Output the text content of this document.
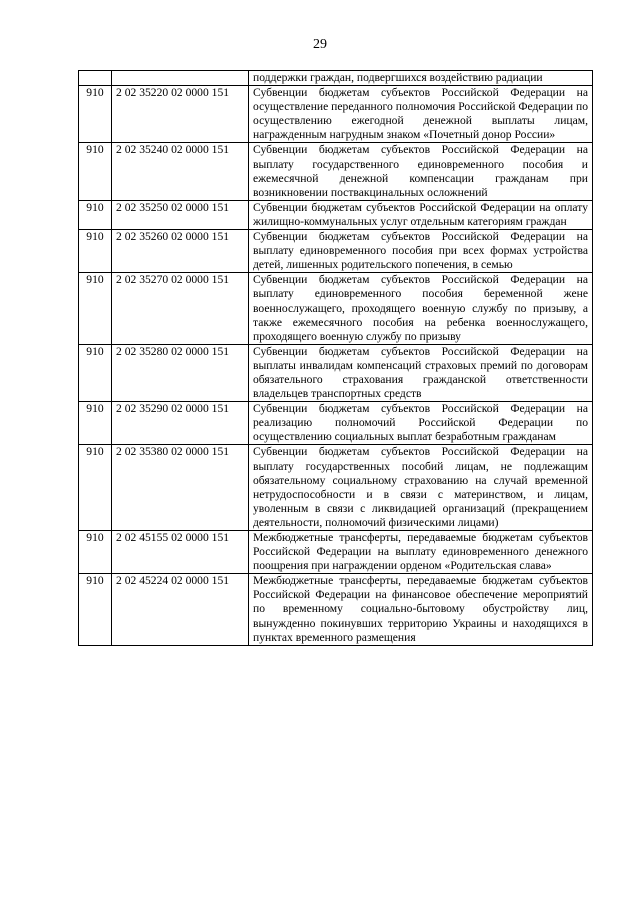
29
		поддержки граждан, подвергшихся воздействию радиации
910	2 02 35220 02 0000 151	Субвенции бюджетам субъектов Российской Федерации на осуществление переданного полномочия Российской Федерации по осуществлению ежегодной денежной выплаты лицам, награжденным нагрудным знаком «Почетный донор России»
910	2 02 35240 02 0000 151	Субвенции бюджетам субъектов Российской Федерации на выплату государственного единовременного пособия и ежемесячной денежной компенсации гражданам при возникновении поствакцинальных осложнений
910	2 02 35250 02 0000 151	Субвенции бюджетам субъектов Российской Федерации на оплату жилищно-коммунальных услуг отдельным категориям граждан
910	2 02 35260 02 0000 151	Субвенции бюджетам субъектов Российской Федерации на выплату единовременного пособия при всех формах устройства детей, лишенных родительского попечения, в семью
910	2 02 35270 02 0000 151	Субвенции бюджетам субъектов Российской Федерации на выплату единовременного пособия беременной жене военнослужащего, проходящего военную службу по призыву, а также ежемесячного пособия на ребенка военнослужащего, проходящего военную службу по призыву
910	2 02 35280 02 0000 151	Субвенции бюджетам субъектов Российской Федерации на выплаты инвалидам компенсаций страховых премий по договорам обязательного страхования гражданской ответственности владельцев транспортных средств
910	2 02 35290 02 0000 151	Субвенции бюджетам субъектов Российской Федерации на реализацию полномочий Российской Федерации по осуществлению социальных выплат безработным гражданам
910	2 02 35380 02 0000 151	Субвенции бюджетам субъектов Российской Федерации на выплату государственных пособий лицам, не подлежащим обязательному социальному страхованию на случай временной нетрудоспособности и в связи с материнством, и лицам, уволенным в связи с ликвидацией организаций (прекращением деятельности, полномочий физическими лицами)
910	2 02 45155 02 0000 151	Межбюджетные трансферты, передаваемые бюджетам субъектов Российской Федерации на выплату единовременного денежного поощрения при награждении орденом «Родительская слава»
910	2 02 45224 02 0000 151	Межбюджетные трансферты, передаваемые бюджетам субъектов Российской Федерации на финансовое обеспечение мероприятий по временному социально-бытовому обустройству лиц, вынужденно покинувших территорию Украины и находящихся в пунктах временного размещения
